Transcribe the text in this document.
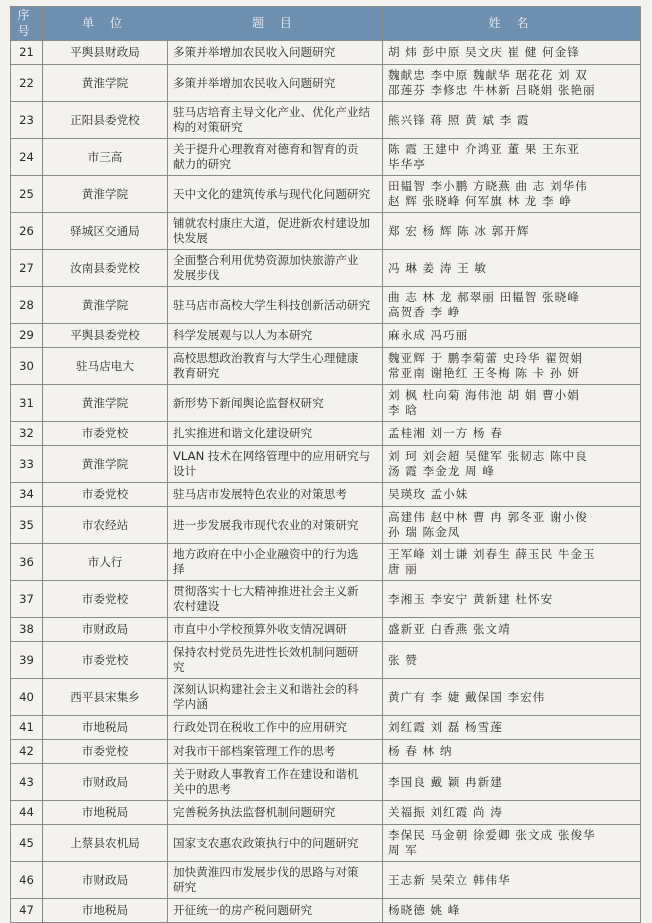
序 号	单 位	题 目	姓 名
21	平舆县财政局	多策并举增加农民收入问题研究	胡 炜 彭中原 吴文庆 崔 健 何金锋

22	黄淮学院	多策并举增加农民收入问题研究	魏献忠 李中原 魏献华 琚花花 刘 双
邵莲芬 李修忠 牛林新 吕晓娟 张艳丽

23	正阳县委党校	驻马店培育主导文化产业、优化产业结
构的对策研究	熊兴锋 蒋 照 黄 斌 李 霞

24	市三高	关于提升心理教育对德育和智育的贡
献力的研究	陈 霞 王建中 介鸿亚 董 果 王东亚
毕华亭

25	黄淮学院	天中文化的建筑传承与现代化问题研究	田韫智 李小鹏 方晓燕 曲 志 刘华伟
赵 辉 张晓峰 何军旗 林 龙 李 峥

26	驿城区交通局	铺就农村康庄大道，促进新农村建设加
快发展	郑 宏 杨 辉 陈 冰 郭开辉

27	汝南县委党校	全面整合利用优势资源加快旅游产业
发展步伐	冯 琳 姜 涛 王 敏

28	黄淮学院	驻马店市高校大学生科技创新活动研究	曲 志 林 龙 郝翠丽 田韫智 张晓峰
高贺香 李 峥

29	平舆县委党校	科学发展观与以人为本研究	麻永成 冯巧丽

30	驻马店电大	高校思想政治教育与大学生心理健康
教育研究	魏亚辉 于 鹏李菊蕾 史玲华 翟贺娟
常亚南 谢艳红 王冬梅 陈 卡 孙 妍

31	黄淮学院	新形势下新闻舆论监督权研究	刘 枫 杜向菊 海伟池 胡 娟 曹小娟
李 晗

32	市委党校	扎实推进和谐文化建设研究	孟桂湘 刘一方 杨 春

33	黄淮学院	VLAN 技术在网络管理中的应用研究与
设计	刘 珂 刘会超 吴健军 张韧志 陈中良
汤 霞 李金龙 周 峰

34	市委党校	驻马店市发展特色农业的对策思考	吴瑛玫 孟小妹

35	市农经站	进一步发展我市现代农业的对策研究	高建伟 赵中林 曹 冉 郭冬亚 谢小俊
孙 瑞 陈金凤

36	市人行	地方政府在中小企业融资中的行为选
择	王军峰 刘士谦 刘春生 薛玉民 牛金玉
唐 丽

37	市委党校	贯彻落实十七大精神推进社会主义新
农村建设	李湘玉 李安宁 黄新建 杜怀安

38	市财政局	市直中小学校预算外收支情况调研	盛新亚 白香燕 张文靖

39	市委党校	保持农村党员先进性长效机制问题研
究	张 赞

40	西平县宋集乡	深刻认识构建社会主义和谐社会的科
学内涵	黄广有 李 婕 戴保国 李宏伟

41	市地税局	行政处罚在税收工作中的应用研究	刘红霞 刘 磊 杨雪莲

42	市委党校	对我市干部档案管理工作的思考	杨 春 林 纳

43	市财政局	关于财政人事教育工作在建设和谐机
关中的思考	李国良 戴 颖 冉新建

44	市地税局	完善税务执法监督机制问题研究	关福振 刘红霞 尚 涛

45	上蔡县农机局	国家支农惠农政策执行中的问题研究	李保民 马金朝 徐爱卿 张文成 张俊华
周 军

46	市财政局	加快黄淮四市发展步伐的思路与对策
研究	王志新 吴荣立 韩伟华

47	市地税局	开征统一的房产税问题研究	杨晓德 姚 峰
